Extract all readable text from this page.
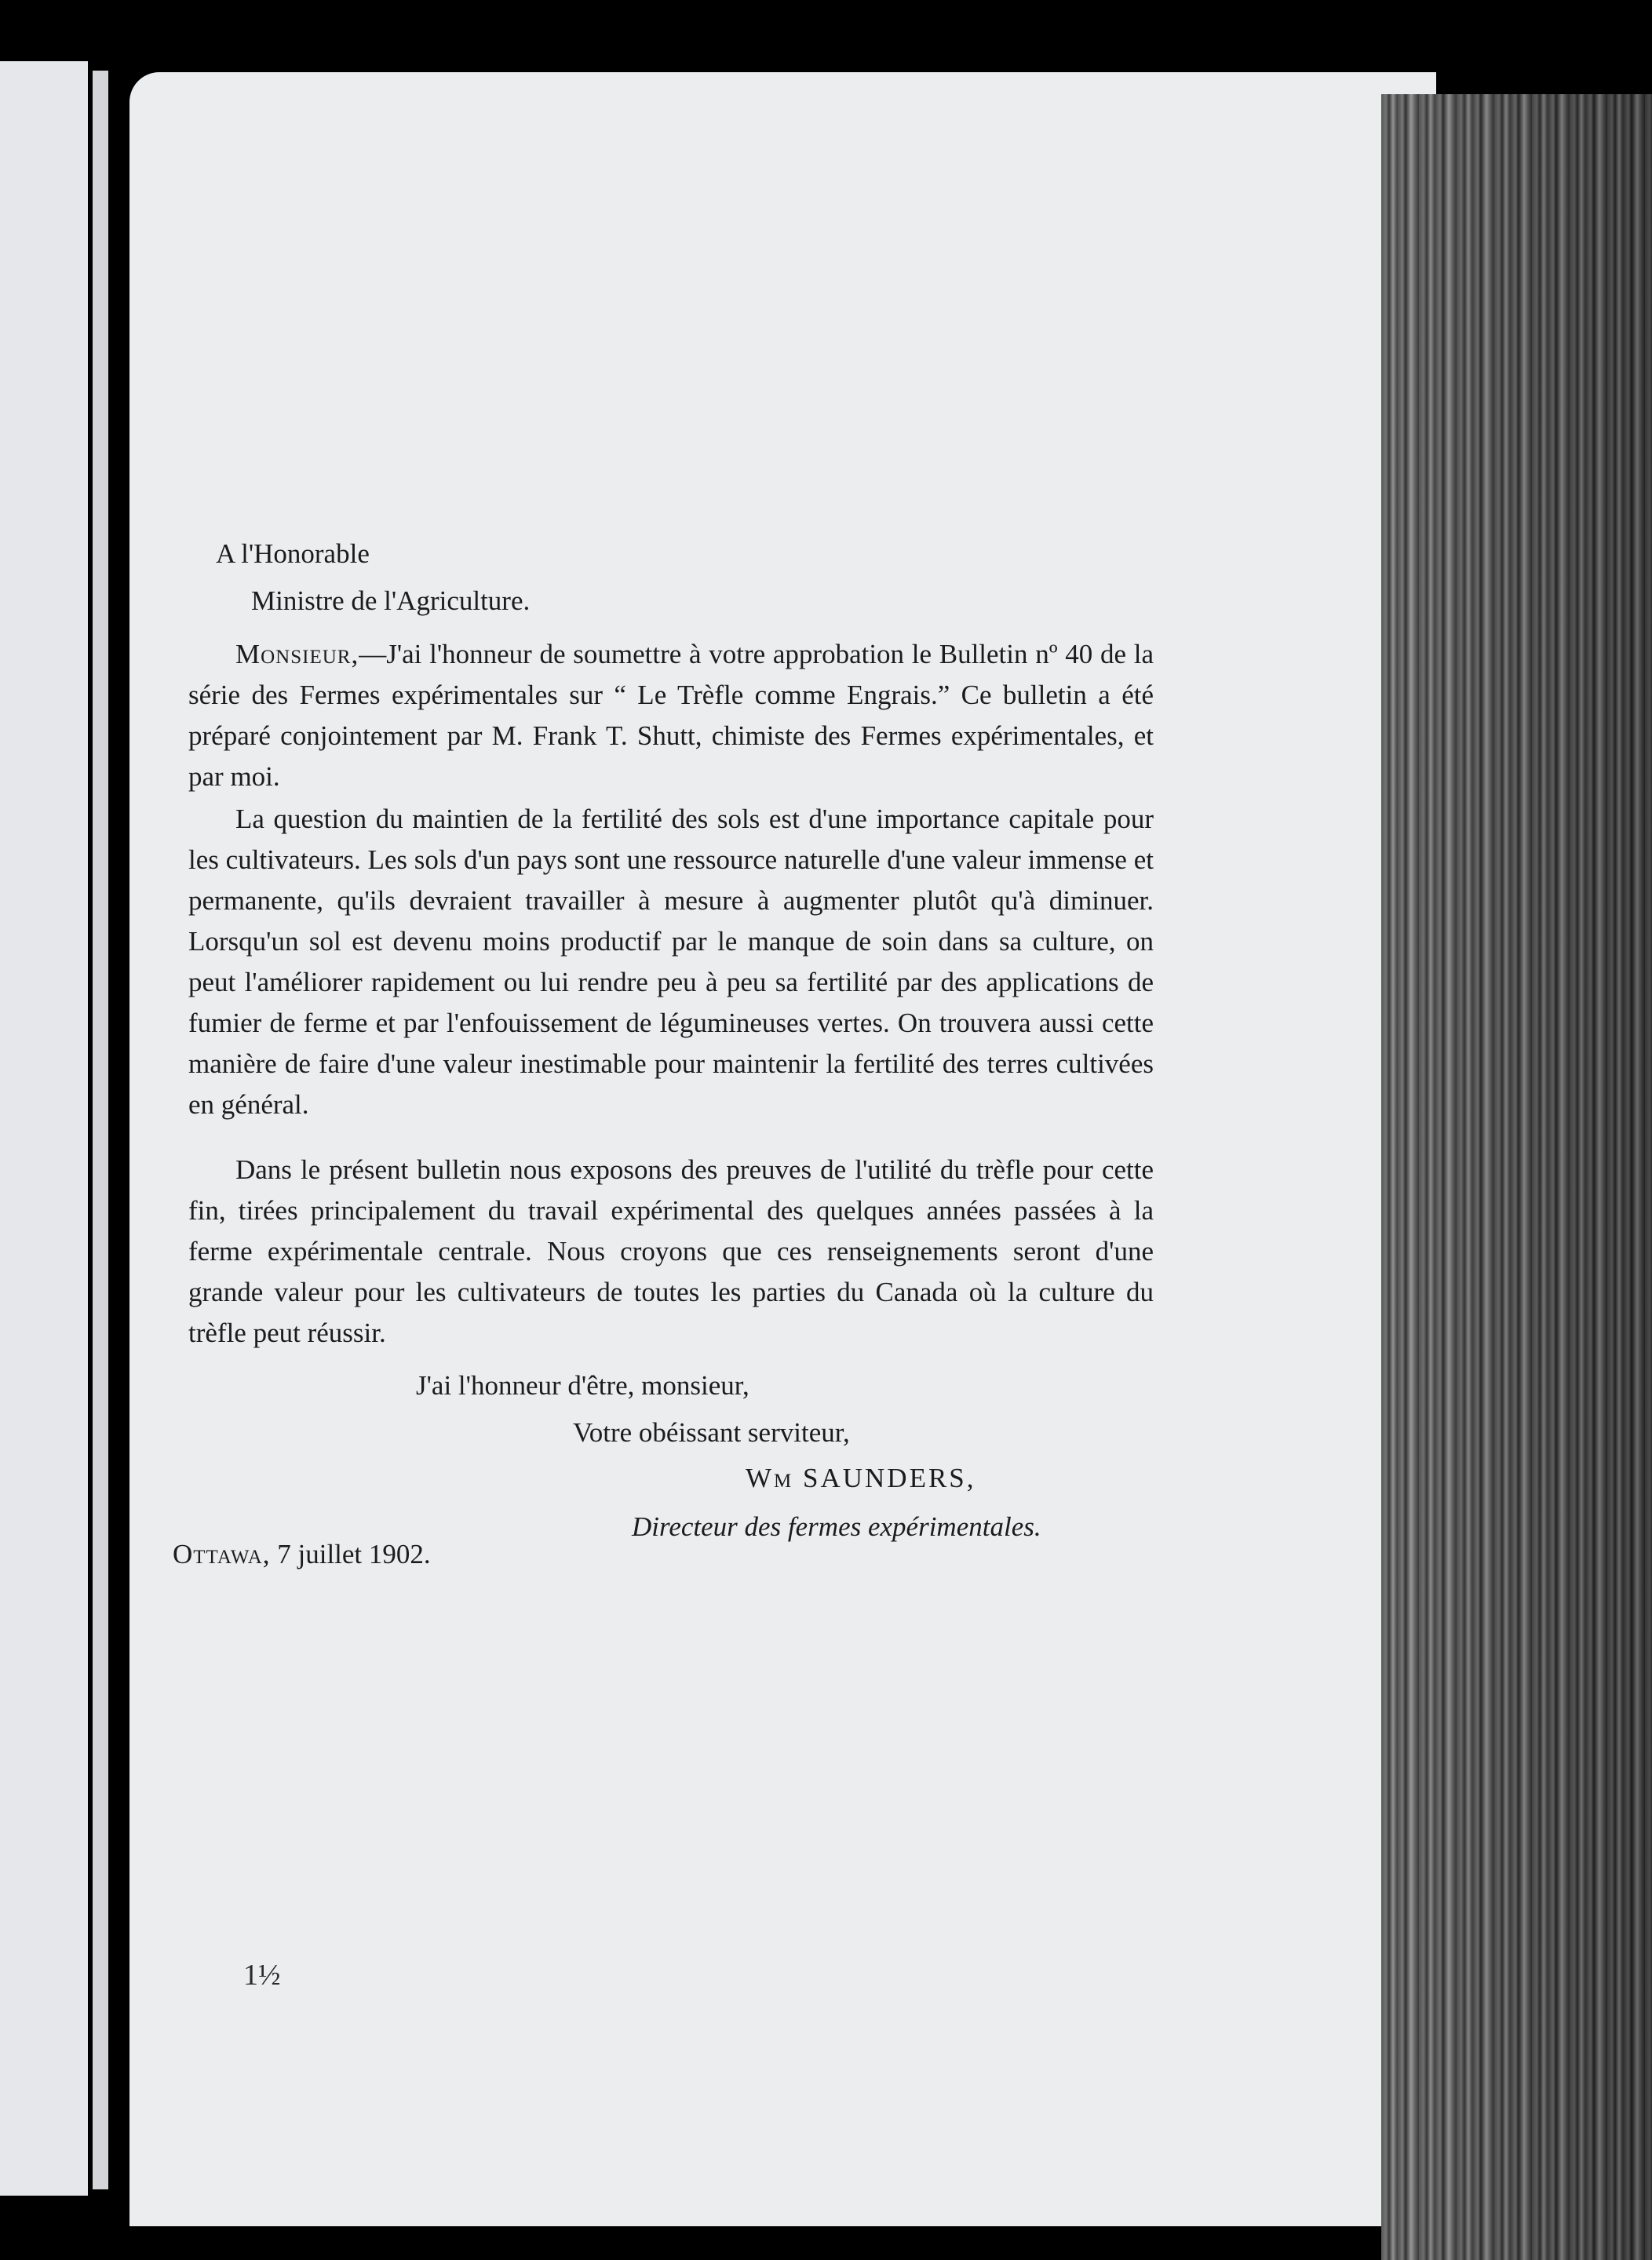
A l'Honorable
Ministre de l'Agriculture.

Monsieur,—J'ai l'honneur de soumettre à votre approbation le Bulletin nº 40 de la série des Fermes expérimentales sur “ Le Trèfle comme Engrais.” Ce bulletin a été préparé conjointement par M. Frank T. Shutt, chimiste des Fermes expérimentales, et par moi.

La question du maintien de la fertilité des sols est d'une importance capitale pour les cultivateurs. Les sols d'un pays sont une ressource naturelle d'une valeur immense et permanente, qu'ils devraient travailler à mesure à augmenter plutôt qu'à diminuer. Lorsqu'un sol est devenu moins productif par le manque de soin dans sa culture, on peut l'améliorer rapidement ou lui rendre peu à peu sa fertilité par des applications de fumier de ferme et par l'enfouissement de légumineuses vertes. On trouvera aussi cette manière de faire d'une valeur inestimable pour maintenir la fertilité des terres cultivées en général.

Dans le présent bulletin nous exposons des preuves de l'utilité du trèfle pour cette fin, tirées principalement du travail expérimental des quelques années passées à la ferme expérimentale centrale. Nous croyons que ces renseignements seront d'une grande valeur pour les cultivateurs de toutes les parties du Canada où la culture du trèfle peut réussir.

J'ai l'honneur d'être, monsieur,
Votre obéissant serviteur,
Wm SAUNDERS,
Directeur des fermes expérimentales.
Ottawa, 7 juillet 1902.
1½
